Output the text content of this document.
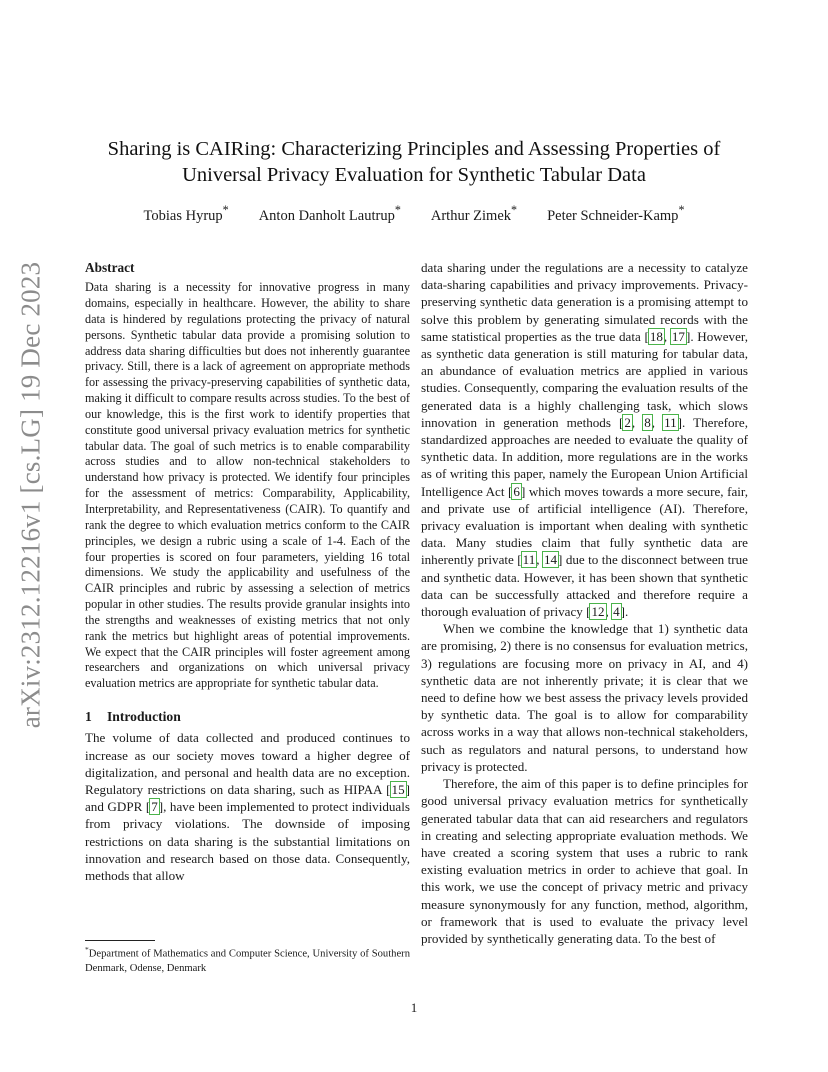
arXiv:2312.12216v1 [cs.LG] 19 Dec 2023
Sharing is CAIRing: Characterizing Principles and Assessing Properties of
Universal Privacy Evaluation for Synthetic Tabular Data
Tobias Hyrup* Anton Danholt Lautrup* Arthur Zimek* Peter Schneider-Kamp*
Abstract

Data sharing is a necessity for innovative progress in many domains, especially in healthcare. However, the ability to share data is hindered by regulations protecting the privacy of natural persons. Synthetic tabular data provide a promising solution to address data sharing difficulties but does not inherently guarantee privacy. Still, there is a lack of agreement on appropriate methods for assessing the privacy-preserving capabilities of synthetic data, making it difficult to compare results across studies. To the best of our knowledge, this is the first work to identify properties that constitute good universal privacy evaluation metrics for synthetic tabular data. The goal of such metrics is to enable comparability across studies and to allow non-technical stakeholders to understand how privacy is protected. We identify four principles for the assessment of metrics: Comparability, Applicability, Interpretability, and Representativeness (CAIR). To quantify and rank the degree to which evaluation metrics conform to the CAIR principles, we design a rubric using a scale of 1-4. Each of the four properties is scored on four parameters, yielding 16 total dimensions. We study the applicability and usefulness of the CAIR principles and rubric by assessing a selection of metrics popular in other studies. The results provide granular insights into the strengths and weaknesses of existing metrics that not only rank the metrics but highlight areas of potential improvements. We expect that the CAIR principles will foster agreement among researchers and organizations on which universal privacy evaluation metrics are appropriate for synthetic tabular data.

1 Introduction

The volume of data collected and produced continues to increase as our society moves toward a higher degree of digitalization, and personal and health data are no exception. Regulatory restrictions on data sharing, such as HIPAA [15] and GDPR [7], have been implemented to protect individuals from privacy violations. The downside of imposing restrictions on data sharing is the substantial limitations on innovation and research based on those data. Consequently, methods that allow

data sharing under the regulations are a necessity to catalyze data-sharing capabilities and privacy improvements. Privacy-preserving synthetic data generation is a promising attempt to solve this problem by generating simulated records with the same statistical properties as the true data [18, 17]. However, as synthetic data generation is still maturing for tabular data, an abundance of evaluation metrics are applied in various studies. Consequently, comparing the evaluation results of the generated data is a highly challenging task, which slows innovation in generation methods [2, 8, 11]. Therefore, standardized approaches are needed to evaluate the quality of synthetic data. In addition, more regulations are in the works as of writing this paper, namely the European Union Artificial Intelligence Act [6] which moves towards a more secure, fair, and private use of artificial intelligence (AI). Therefore, privacy evaluation is important when dealing with synthetic data. Many studies claim that fully synthetic data are inherently private [11, 14] due to the disconnect between true and synthetic data. However, it has been shown that synthetic data can be successfully attacked and therefore require a thorough evaluation of privacy [12, 4].

When we combine the knowledge that 1) synthetic data are promising, 2) there is no consensus for evaluation metrics, 3) regulations are focusing more on privacy in AI, and 4) synthetic data are not inherently private; it is clear that we need to define how we best assess the privacy levels provided by synthetic data. The goal is to allow for comparability across works in a way that allows non-technical stakeholders, such as regulators and natural persons, to understand how privacy is protected.

Therefore, the aim of this paper is to define principles for good universal privacy evaluation metrics for synthetically generated tabular data that can aid researchers and regulators in creating and selecting appropriate evaluation methods. We have created a scoring system that uses a rubric to rank existing evaluation metrics in order to achieve that goal. In this work, we use the concept of privacy metric and privacy measure synonymously for any function, method, algorithm, or framework that is used to evaluate the privacy level provided by synthetically generating data. To the best of

*Department of Mathematics and Computer Science, University of Southern Denmark, Odense, Denmark
1
